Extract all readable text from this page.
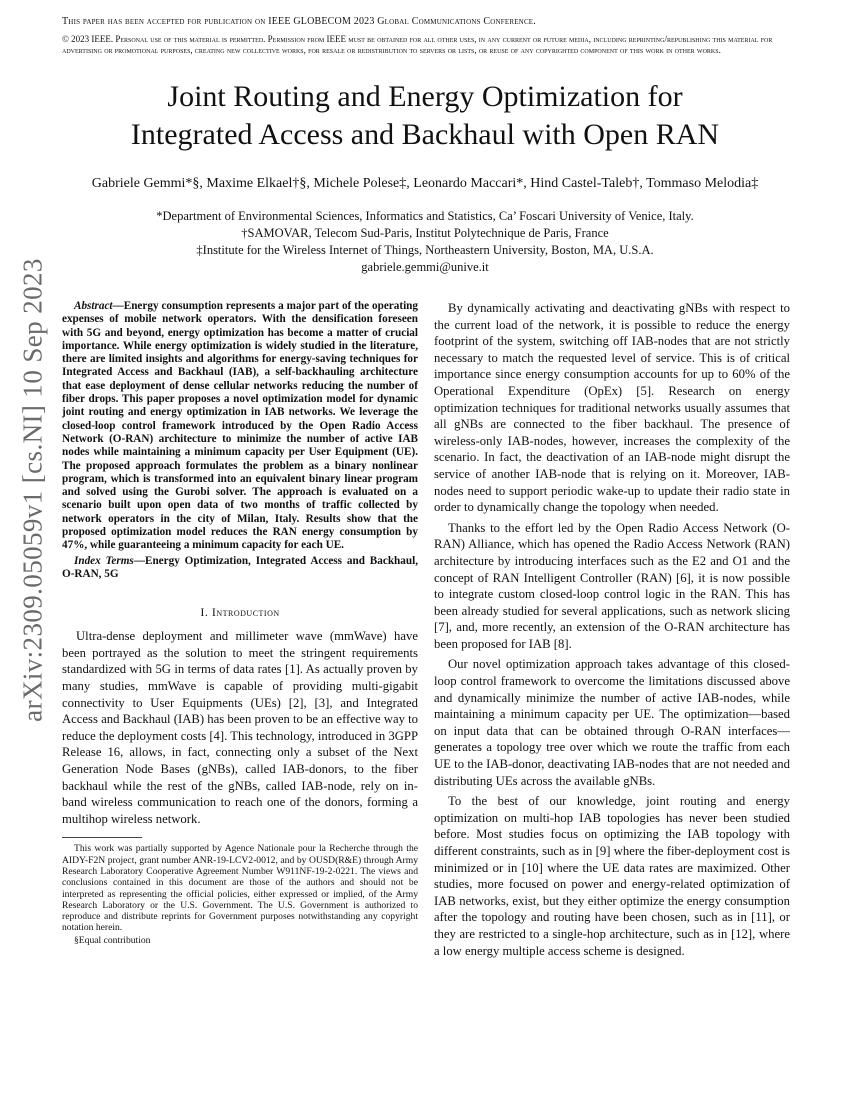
This paper has been accepted for publication on IEEE GLOBECOM 2023 Global Communications Conference.
© 2023 IEEE. Personal use of this material is permitted. Permission from IEEE must be obtained for all other uses, in any current or future media, including reprinting/republishing this material for advertising or promotional purposes, creating new collective works, for resale or redistribution to servers or lists, or reuse of any copyrighted component of this work in other works.
Joint Routing and Energy Optimization for
Integrated Access and Backhaul with Open RAN
Gabriele Gemmi*§, Maxime Elkael†§, Michele Polese‡, Leonardo Maccari*, Hind Castel-Taleb†, Tommaso Melodia‡
*Department of Environmental Sciences, Informatics and Statistics, Ca’ Foscari University of Venice, Italy.
†SAMOVAR, Telecom Sud-Paris, Institut Polytechnique de Paris, France
‡Institute for the Wireless Internet of Things, Northeastern University, Boston, MA, U.S.A.
gabriele.gemmi@unive.it
arXiv:2309.05059v1 [cs.NI] 10 Sep 2023	Abstract—Energy consumption represents a major part of the operating expenses of mobile network operators. With the densification foreseen with 5G and beyond, energy optimization has become a matter of crucial importance. While energy optimization is widely studied in the literature, there are limited insights and algorithms for energy-saving techniques for Integrated Access and Backhaul (IAB), a self-backhauling architecture that ease deployment of dense cellular networks reducing the number of fiber drops. This paper proposes a novel optimization model for dynamic joint routing and energy optimization in IAB networks. We leverage the closed-loop control framework introduced by the Open Radio Access Network (O-RAN) architecture to minimize the number of active IAB nodes while maintaining a minimum capacity per User Equipment (UE). The proposed approach formulates the problem as a binary nonlinear program, which is transformed into an equivalent binary linear program and solved using the Gurobi solver. The approach is evaluated on a scenario built upon open data of two months of traffic collected by network operators in the city of Milan, Italy. Results show that the proposed optimization model reduces the RAN energy consumption by 47%, while guaranteeing a minimum capacity for each UE.

Index Terms—Energy Optimization, Integrated Access and Backhaul, O-RAN, 5G

I. Introduction

Ultra-dense deployment and millimeter wave (mmWave) have been portrayed as the solution to meet the stringent requirements standardized with 5G in terms of data rates [1]. As actually proven by many studies, mmWave is capable of providing multi-gigabit connectivity to User Equipments (UEs) [2], [3], and Integrated Access and Backhaul (IAB) has been proven to be an effective way to reduce the deployment costs [4]. This technology, introduced in 3GPP Release 16, allows, in fact, connecting only a subset of the Next Generation Node Bases (gNBs), called IAB-donors, to the fiber backhaul while the rest of the gNBs, called IAB-node, rely on in-band wireless communication to reach one of the donors, forming a multihop wireless network.

This work was partially supported by Agence Nationale pour la Recherche through the AIDY-F2N project, grant number ANR-19-LCV2-0012, and by OUSD(R&E) through Army Research Laboratory Cooperative Agreement Number W911NF-19-2-0221. The views and conclusions contained in this document are those of the authors and should not be interpreted as representing the official policies, either expressed or implied, of the Army Research Laboratory or the U.S. Government. The U.S. Government is authorized to reproduce and distribute reprints for Government purposes notwithstanding any copyright notation herein.

§Equal contribution

By dynamically activating and deactivating gNBs with respect to the current load of the network, it is possible to reduce the energy footprint of the system, switching off IAB-nodes that are not strictly necessary to match the requested level of service. This is of critical importance since energy consumption accounts for up to 60% of the Operational Expenditure (OpEx) [5]. Research on energy optimization techniques for traditional networks usually assumes that all gNBs are connected to the fiber backhaul. The presence of wireless-only IAB-nodes, however, increases the complexity of the scenario. In fact, the deactivation of an IAB-node might disrupt the service of another IAB-node that is relying on it. Moreover, IAB-nodes need to support periodic wake-up to update their radio state in order to dynamically change the topology when needed.

Thanks to the effort led by the Open Radio Access Network (O-RAN) Alliance, which has opened the Radio Access Network (RAN) architecture by introducing interfaces such as the E2 and O1 and the concept of RAN Intelligent Controller (RAN) [6], it is now possible to integrate custom closed-loop control logic in the RAN. This has been already studied for several applications, such as network slicing [7], and, more recently, an extension of the O-RAN architecture has been proposed for IAB [8].

Our novel optimization approach takes advantage of this closed-loop control framework to overcome the limitations discussed above and dynamically minimize the number of active IAB-nodes, while maintaining a minimum capacity per UE. The optimization—based on input data that can be obtained through O-RAN interfaces—generates a topology tree over which we route the traffic from each UE to the IAB-donor, deactivating IAB-nodes that are not needed and distributing UEs across the available gNBs.

To the best of our knowledge, joint routing and energy optimization on multi-hop IAB topologies has never been studied before. Most studies focus on optimizing the IAB topology with different constraints, such as in [9] where the fiber-deployment cost is minimized or in [10] where the UE data rates are maximized. Other studies, more focused on power and energy-related optimization of IAB networks, exist, but they either optimize the energy consumption after the topology and routing have been chosen, such as in [11], or they are restricted to a single-hop architecture, such as in [12], where a low energy multiple access scheme is designed.
